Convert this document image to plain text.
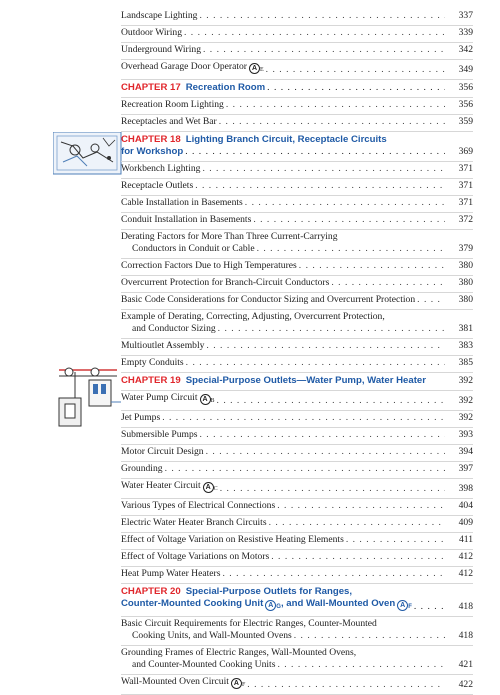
Landscape Lighting . . .	337
Outdoor Wiring . . .	339
Underground Wiring . . .	342
Overhead Garage Door Operator A $_E$ . . .	349
CHAPTER 17 Recreation Room . . .	356
Recreation Room Lighting . . .	356
Receptacles and Wet Bar . . .	359
CHAPTER 18 Lighting Branch Circuit, Receptacle Circuits
for Workshop . . .	369
Workbench Lighting . . .	371
Receptacle Outlets . . .	371
Cable Installation in Basements . . .	371
Conduit Installation in Basements . . .	372
Derating Factors for More Than Three Current-Carrying
Conductors in Conduit or Cable . . .	379
Correction Factors Due to High Temperatures . . .	380
Overcurrent Protection for Branch-Circuit Conductors . . .	380
Basic Code Considerations for Conductor Sizing and Overcurrent Protection . . .	380
Example of Derating, Correcting, Adjusting, Overcurrent Protection,
and Conductor Sizing . . .	381
Multioutlet Assembly . . .	383
Empty Conduits . . .	385
CHAPTER 19 Special-Purpose Outlets—Water Pump, Water Heater	392
Water Pump Circuit A $_B$ . . .	392
Jet Pumps . . .	392
Submersible Pumps . . .	393
Motor Circuit Design . . .	394
Grounding . . .	397
Water Heater Circuit A $_C$ . . .	398
Various Types of Electrical Connections . . .	404
Electric Water Heater Branch Circuits . . .	409
Effect of Voltage Variation on Resistive Heating Elements . . .	411
Effect of Voltage Variations on Motors . . .	412
Heat Pump Water Heaters . . .	412
CHAPTER 20 Special-Purpose Outlets for Ranges,
Counter-Mounted Cooking Unit A $_G$, and Wall-Mounted Oven A $_F$ . . .	418
Basic Circuit Requirements for Electric Ranges, Counter-Mounted
Cooking Units, and Wall-Mounted Ovens . . .	418
Grounding Frames of Electric Ranges, Wall-Mounted Ovens,
and Counter-Mounted Cooking Units . . .	421
Wall-Mounted Oven Circuit A $_F$ . . .	422
